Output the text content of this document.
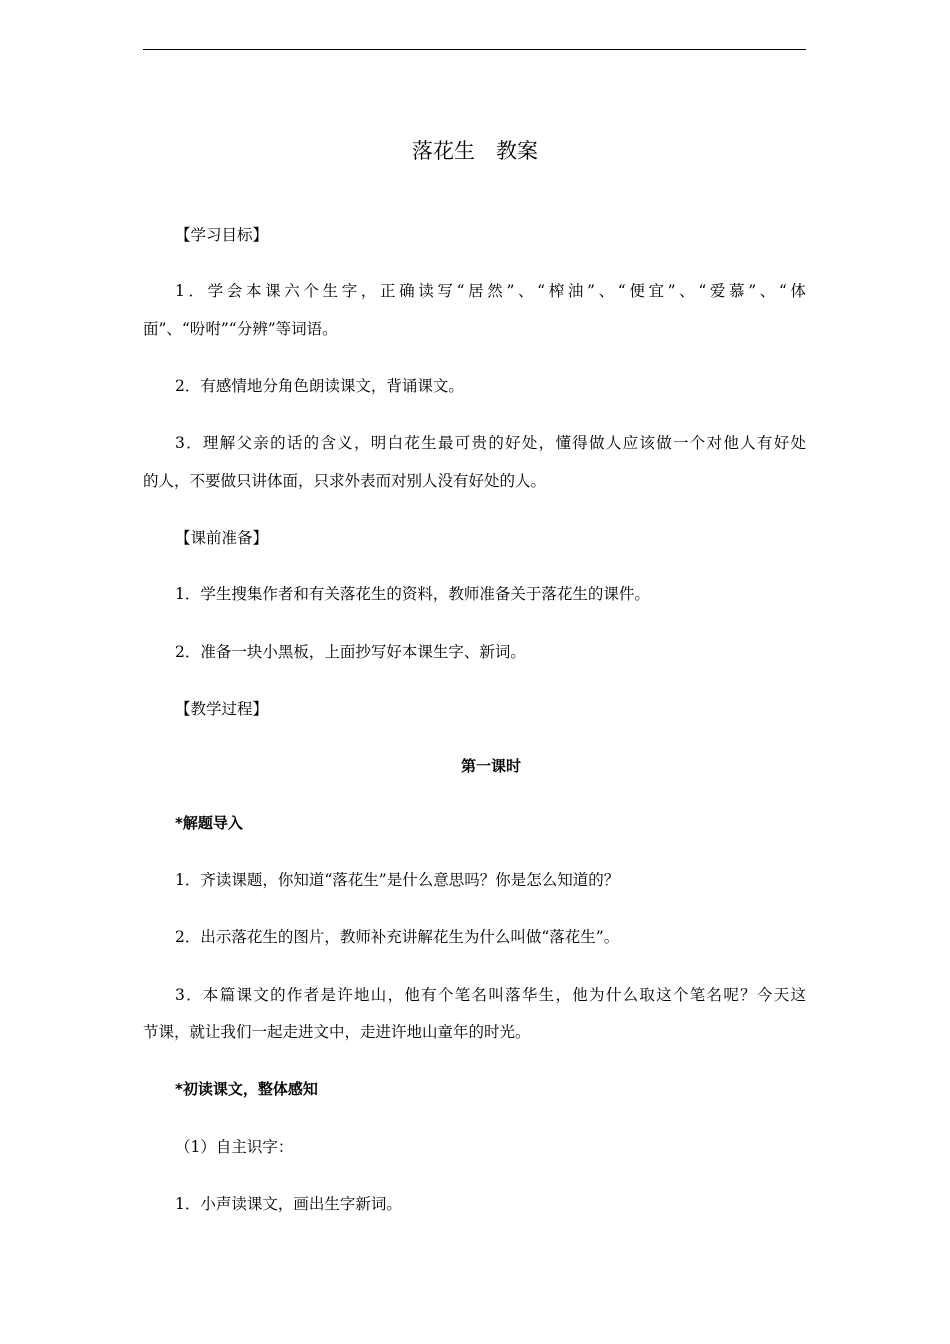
落花生　教案
【学习目标】
1．学会本课六个生字，正确读写“居然”、“榨油”、“便宜”、“爱慕”、“体
面”、“吩咐”“分辨”等词语。
2．有感情地分角色朗读课文，背诵课文。
3．理解父亲的话的含义，明白花生最可贵的好处，懂得做人应该做一个对他人有好处
的人，不要做只讲体面，只求外表而对别人没有好处的人。
【课前准备】
1．学生搜集作者和有关落花生的资料，教师准备关于落花生的课件。
2．准备一块小黑板，上面抄写好本课生字、新词。
【教学过程】
第一课时
*解题导入
1．齐读课题，你知道“落花生”是什么意思吗？你是怎么知道的？
2．出示落花生的图片，教师补充讲解花生为什么叫做“落花生”。
3．本篇课文的作者是许地山，他有个笔名叫落华生，他为什么取这个笔名呢？今天这
节课，就让我们一起走进文中，走进许地山童年的时光。
*初读课文，整体感知
（1）自主识字：
1．小声读课文，画出生字新词。
